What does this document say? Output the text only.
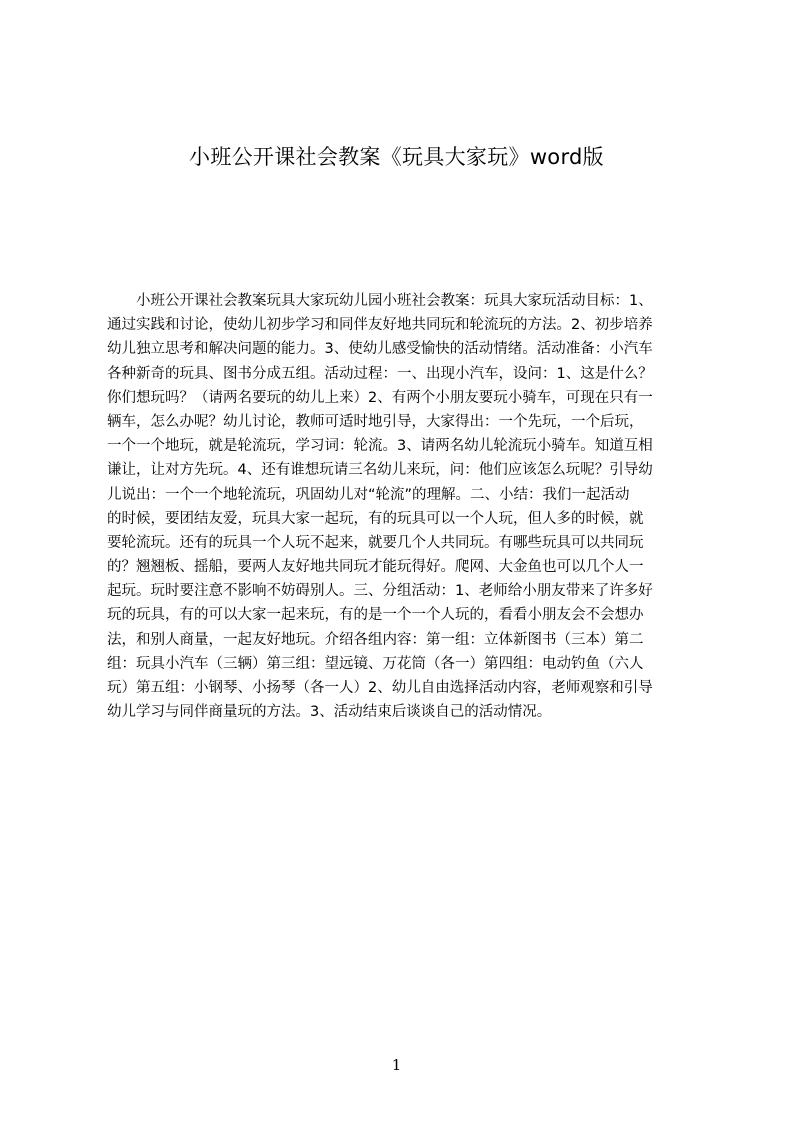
小班公开课社会教案《玩具大家玩》word版
　　小班公开课社会教案玩具大家玩幼儿园小班社会教案：玩具大家玩活动目标：1、
通过实践和讨论，使幼儿初步学习和同伴友好地共同玩和轮流玩的方法。2、初步培养
幼儿独立思考和解决问题的能力。3、使幼儿感受愉快的活动情绪。活动准备：小汽车
各种新奇的玩具、图书分成五组。活动过程：一、出现小汽车，设问：1、这是什么？
你们想玩吗？（请两名要玩的幼儿上来）2、有两个小朋友要玩小骑车，可现在只有一
辆车，怎么办呢？幼儿讨论，教师可适时地引导，大家得出：一个先玩，一个后玩，
一个一个地玩，就是轮流玩，学习词：轮流。3、请两名幼儿轮流玩小骑车。知道互相
谦让，让对方先玩。4、还有谁想玩请三名幼儿来玩，问：他们应该怎么玩呢？引导幼
儿说出：一个一个地轮流玩，巩固幼儿对“轮流”的理解。二、小结：我们一起活动
的时候，要团结友爱，玩具大家一起玩，有的玩具可以一个人玩，但人多的时候，就
要轮流玩。还有的玩具一个人玩不起来，就要几个人共同玩。有哪些玩具可以共同玩
的？翘翘板、摇船，要两人友好地共同玩才能玩得好。爬网、大金鱼也可以几个人一
起玩。玩时要注意不影响不妨碍别人。三、分组活动：1、老师给小朋友带来了许多好
玩的玩具，有的可以大家一起来玩，有的是一个一个人玩的，看看小朋友会不会想办
法，和别人商量，一起友好地玩。介绍各组内容：第一组：立体新图书（三本）第二
组：玩具小汽车（三辆）第三组：望远镜、万花筒（各一）第四组：电动钓鱼（六人
玩）第五组：小钢琴、小扬琴（各一人）2、幼儿自由选择活动内容，老师观察和引导
幼儿学习与同伴商量玩的方法。3、活动结束后谈谈自己的活动情况。
1
